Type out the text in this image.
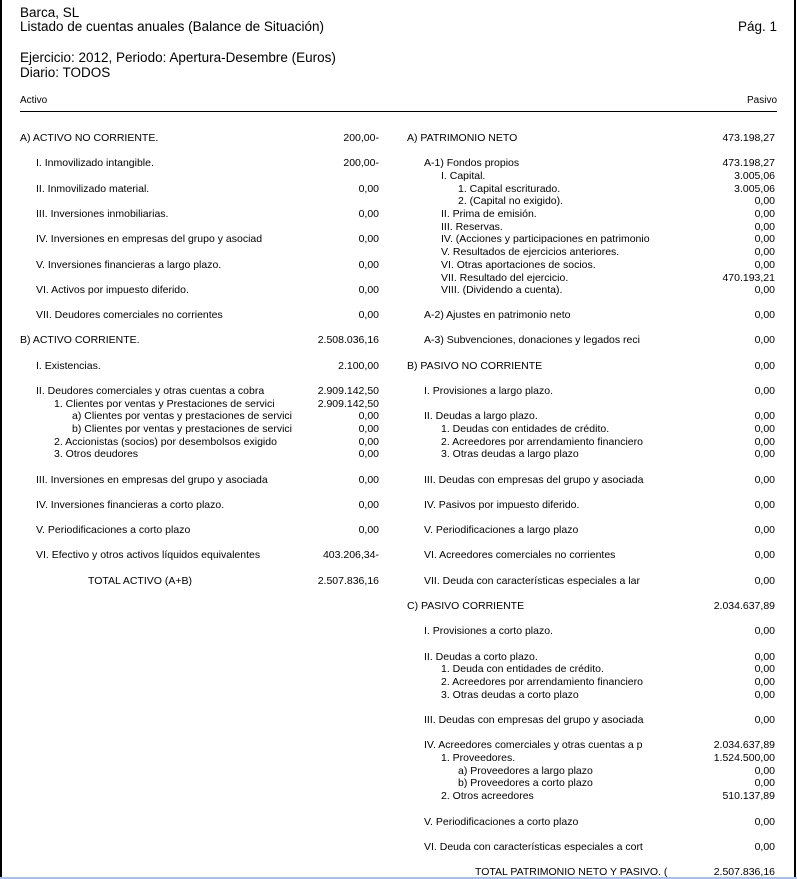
Barca, SL
Listado de cuentas anuales (Balance de Situación)	Pág. 1
Ejercicio: 2012, Periodo: Apertura-Desembre (Euros)
Diario: TODOS
Activo	Pasivo
A) ACTIVO NO CORRIENTE.	200,00-
I. Inmovilizado intangible.	200,00-
II. Inmovilizado material.	0,00
III. Inversiones inmobiliarias.	0,00
IV. Inversiones en empresas del grupo y asociad	0,00
V. Inversiones financieras a largo plazo.	0,00
VI. Activos por impuesto diferido.	0,00
VII. Deudores comerciales no corrientes	0,00
B) ACTIVO CORRIENTE.	2.508.036,16
I. Existencias.	2.100,00
II. Deudores comerciales y otras cuentas a cobra	2.909.142,50
1. Clientes por ventas y Prestaciones de servici	2.909.142,50
a) Clientes por ventas y prestaciones de servici	0,00
b) Clientes por ventas y prestaciones de servici	0,00
2. Accionistas (socios) por desembolsos exigido	0,00
3. Otros deudores	0,00
III. Inversiones en empresas del grupo y asociada	0,00
IV. Inversiones financieras a corto plazo.	0,00
V. Periodificaciones a corto plazo	0,00
VI. Efectivo y otros activos líquidos equivalentes	403.206,34-
TOTAL ACTIVO (A+B)	2.507.836,16
A) PATRIMONIO NETO	473.198,27
A-1) Fondos propios	473.198,27
I. Capital.	3.005,06
1. Capital escriturado.	3.005,06
2. (Capital no exigido).	0,00
II. Prima de emisión.	0,00
III. Reservas.	0,00
IV. (Acciones y participaciones en patrimonio	0,00
V. Resultados de ejercicios anteriores.	0,00
VI. Otras aportaciones de socios.	0,00
VII. Resultado del ejercicio.	470.193,21
VIII. (Dividendo a cuenta).	0,00
A-2) Ajustes en patrimonio neto	0,00
A-3) Subvenciones, donaciones y legados reci	0,00
B) PASIVO NO CORRIENTE	0,00
I. Provisiones a largo plazo.	0,00
II. Deudas a largo plazo.	0,00
1. Deudas con entidades de crédito.	0,00
2. Acreedores por arrendamiento financiero	0,00
3. Otras deudas a largo plazo	0,00
III. Deudas con empresas del grupo y asociada	0,00
IV. Pasivos por impuesto diferido.	0,00
V. Periodificaciones a largo plazo	0,00
VI. Acreedores comerciales no corrientes	0,00
VII. Deuda con características especiales a lar	0,00
C) PASIVO CORRIENTE	2.034.637,89
I. Provisiones a corto plazo.	0,00
II. Deudas a corto plazo.	0,00
1. Deuda con entidades de crédito.	0,00
2. Acreedores por arrendamiento financiero	0,00
3. Otras deudas a corto plazo	0,00
III. Deudas con empresas del grupo y asociada	0,00
IV. Acreedores comerciales y otras cuentas a p	2.034.637,89
1. Proveedores.	1.524.500,00
a) Proveedores a largo plazo	0,00
b) Proveedores a corto plazo	0,00
2. Otros acreedores	510.137,89
V. Periodificaciones a corto plazo	0,00
VI. Deuda con características especiales a cort	0,00
TOTAL PATRIMONIO NETO Y PASIVO. (	2.507.836,16
